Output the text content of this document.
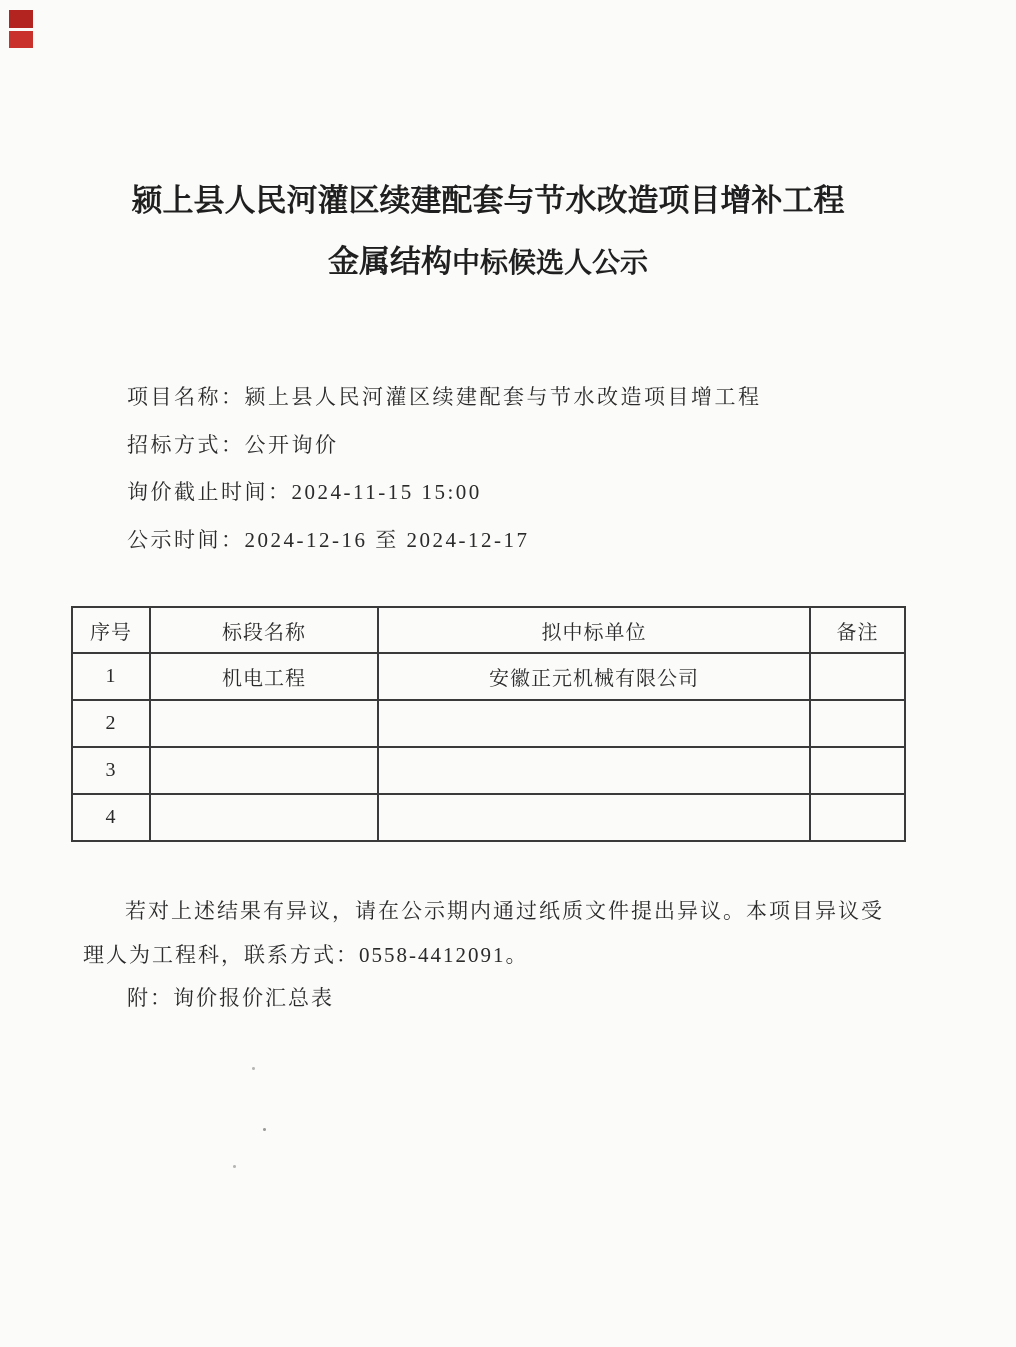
颍上县人民河灌区续建配套与节水改造项目增补工程
金属结构中标候选人公示
项目名称：颍上县人民河灌区续建配套与节水改造项目增工程
招标方式：公开询价
询价截止时间：2024-11-15 15:00
公示时间：2024-12-16 至 2024-12-17
序号	标段名称	拟中标单位	备注
1	机电工程	安徽正元机械有限公司	
2			
3			
4			
若对上述结果有异议，请在公示期内通过纸质文件提出异议。本项目异议受
理人为工程科，联系方式：0558-4412091。
附：询价报价汇总表
